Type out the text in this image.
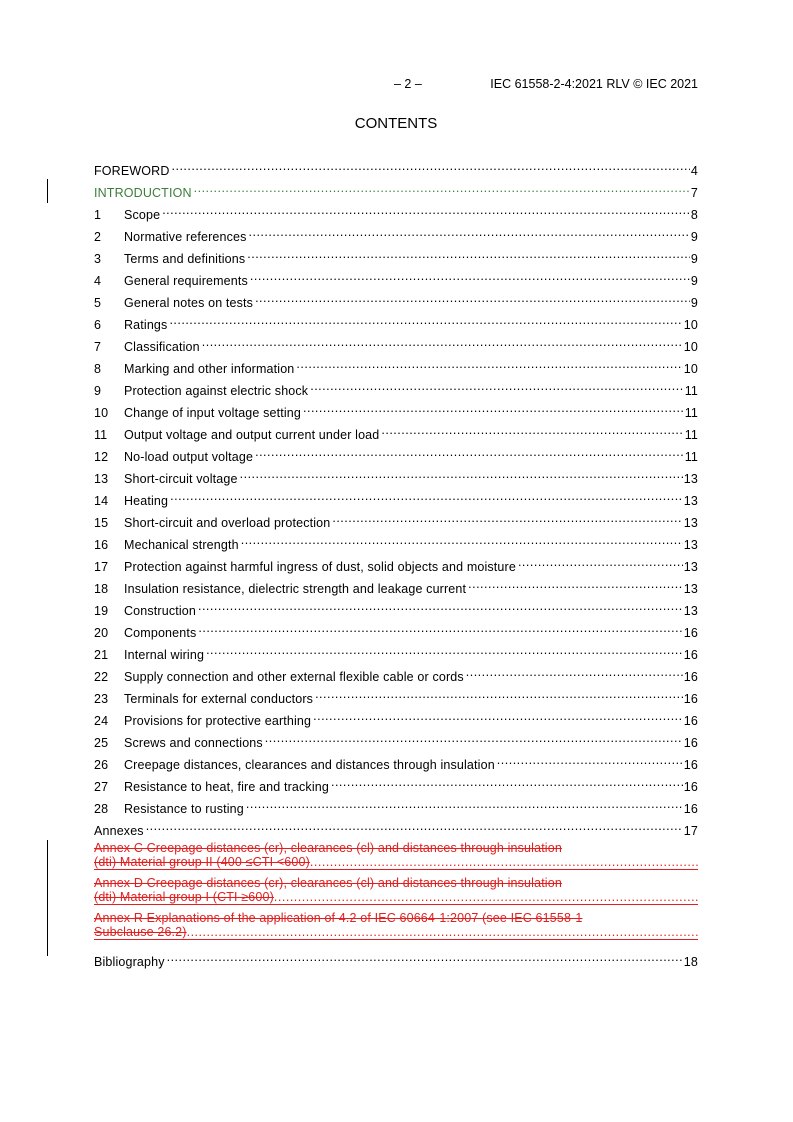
– 2 –	IEC 61558-2-4:2021 RLV © IEC 2021
CONTENTS
FOREWORD .....	4
INTRODUCTION .....	7
1	Scope .....	8
2	Normative references .....	9
3	Terms and definitions .....	9
4	General requirements .....	9
5	General notes on tests .....	9
6	Ratings .....	10
7	Classification .....	10
8	Marking and other information .....	10
9	Protection against electric shock .....	11
10	Change of input voltage setting .....	11
11	Output voltage and output current under load .....	11
12	No-load output voltage .....	11
13	Short-circuit voltage .....	13
14	Heating .....	13
15	Short-circuit and overload protection .....	13
16	Mechanical strength .....	13
17	Protection against harmful ingress of dust, solid objects and moisture .....	13
18	Insulation resistance, dielectric strength and leakage current .....	13
19	Construction .....	13
20	Components .....	16
21	Internal wiring .....	16
22	Supply connection and other external flexible cable or cords .....	16
23	Terminals for external conductors .....	16
24	Provisions for protective earthing .....	16
25	Screws and connections .....	16
26	Creepage distances, clearances and distances through insulation .....	16
27	Resistance to heat, fire and tracking .....	16
28	Resistance to rusting .....	16
Annexes .....	17
Annex C Creepage distances (cr), clearances (cl) and distances through insulation
(dti) Material group II (400 ≤CTI <600)
.....
Annex D Creepage distances (cr), clearances (cl) and distances through insulation
(dti) Material group I (CTI ≥600)
.....
Annex R Explanations of the application of 4.2 of IEC 60664-1:2007 (see IEC 61558-1
Subclause 26.2)
.....
Bibliography .....	18
